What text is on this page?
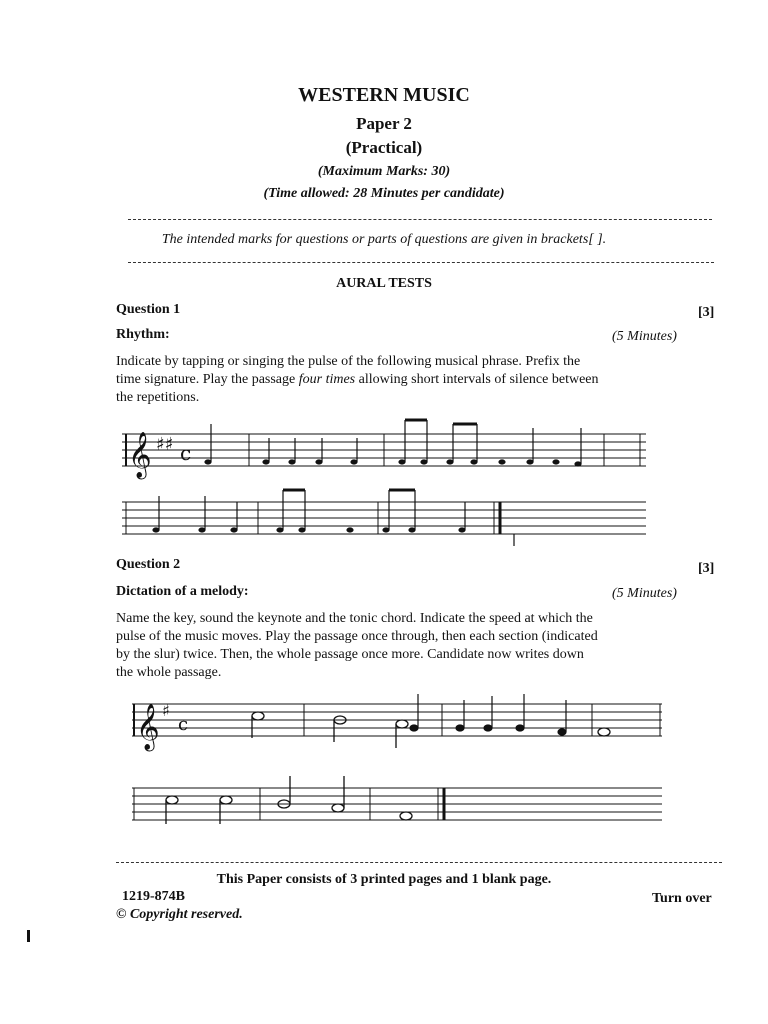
WESTERN MUSIC
Paper 2
(Practical)
(Maximum Marks: 30)
(Time allowed: 28 Minutes per candidate)
The intended marks for questions or parts of questions are given in brackets[ ].
AURAL TESTS
Question 1	[3]
Rhythm:	(5 Minutes)
Indicate by tapping or singing the pulse of the following musical phrase. Prefix the time signature. Play the passage four times allowing short intervals of silence between the repetitions.
𝄞 ♯♯ c
Question 2	[3]
Dictation of a melody:	(5 Minutes)
Name the key, sound the keynote and the tonic chord. Indicate the speed at which the pulse of the music moves. Play the passage once through, then each section (indicated by the slur) twice. Then, the whole passage once more. Candidate now writes down the whole passage.
𝄞 ♯
c
This Paper consists of 3 printed pages and 1 blank page.
1219-874B	Turn over
© Copyright reserved.
